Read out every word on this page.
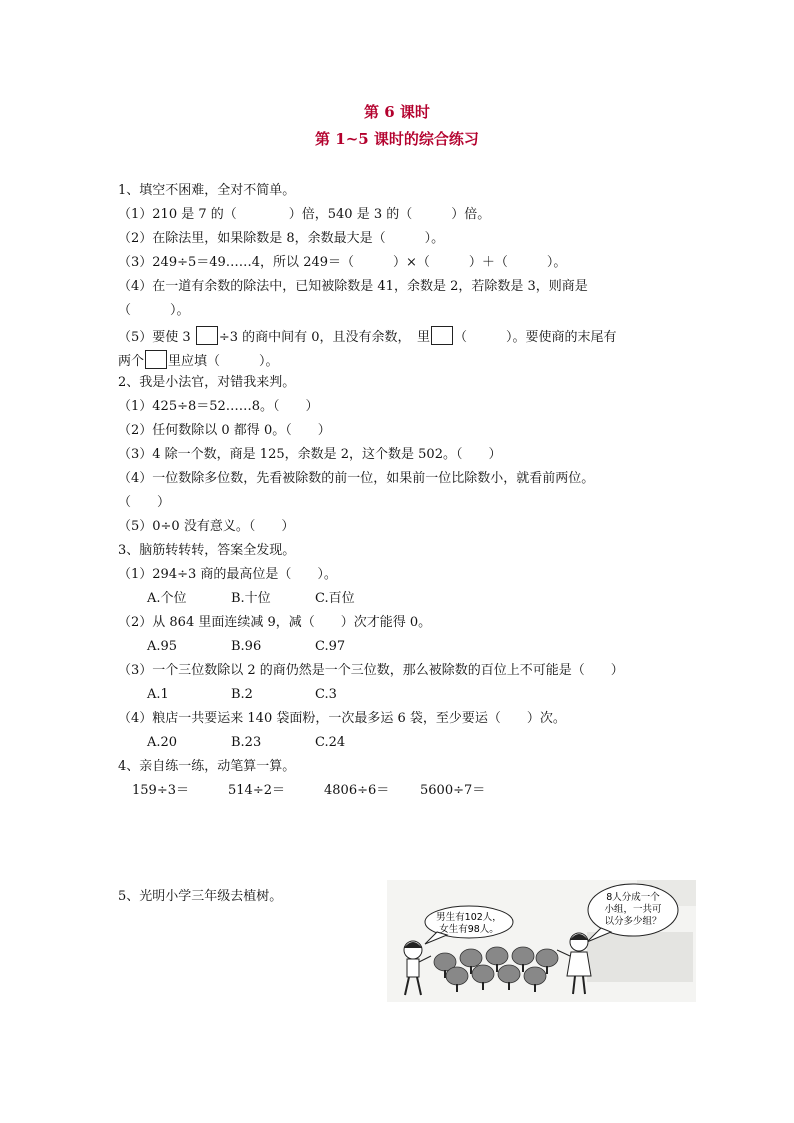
第 6 课时
第 1~5 课时的综合练习
1、填空不困难，全对不简单。
（1）210 是 7 的（　　　　）倍，540 是 3 的（　　　）倍。
（2）在除法里，如果除数是 8，余数最大是（　　　）。
（3）249÷5＝49……4，所以 249＝（　　　）×（　　　）＋（　　　）。
（4）在一道有余数的除法中，已知被除数是 41，余数是 2，若除数是 3，则商是
（　　　）。
（5）要使 3 ÷3 的商中间有 0，且没有余数，　里 （　　　）。要使商的末尾有
两个 里应填（　　　）。
2、我是小法官，对错我来判。
（1）425÷8＝52……8。（　　）
（2）任何数除以 0 都得 0。（　　）
（3）4 除一个数，商是 125，余数是 2，这个数是 502。（　　）
（4）一位数除多位数，先看被除数的前一位，如果前一位比除数小，就看前两位。
（　　）
（5）0÷0 没有意义。（　　）
3、脑筋转转转，答案全发现。
（1）294÷3 商的最高位是（　　）。
A.个位	B.十位	C.百位
（2）从 864 里面连续减 9，减（　　）次才能得 0。
A.95	B.96	C.97
（3）一个三位数除以 2 的商仍然是一个三位数，那么被除数的百位上不可能是（　　）
A.1	B.2	C.3
（4）粮店一共要运来 140 袋面粉，一次最多运 6 袋，至少要运（　　）次。
A.20	B.23	C.24
4、亲自练一练，动笔算一算。
159÷3＝	514÷2＝	4806÷6＝ 5600÷7＝
5、光明小学三年级去植树。
男生有102人，
女生有98人。
8人分成一个
小组，一共可
以分多少组？
